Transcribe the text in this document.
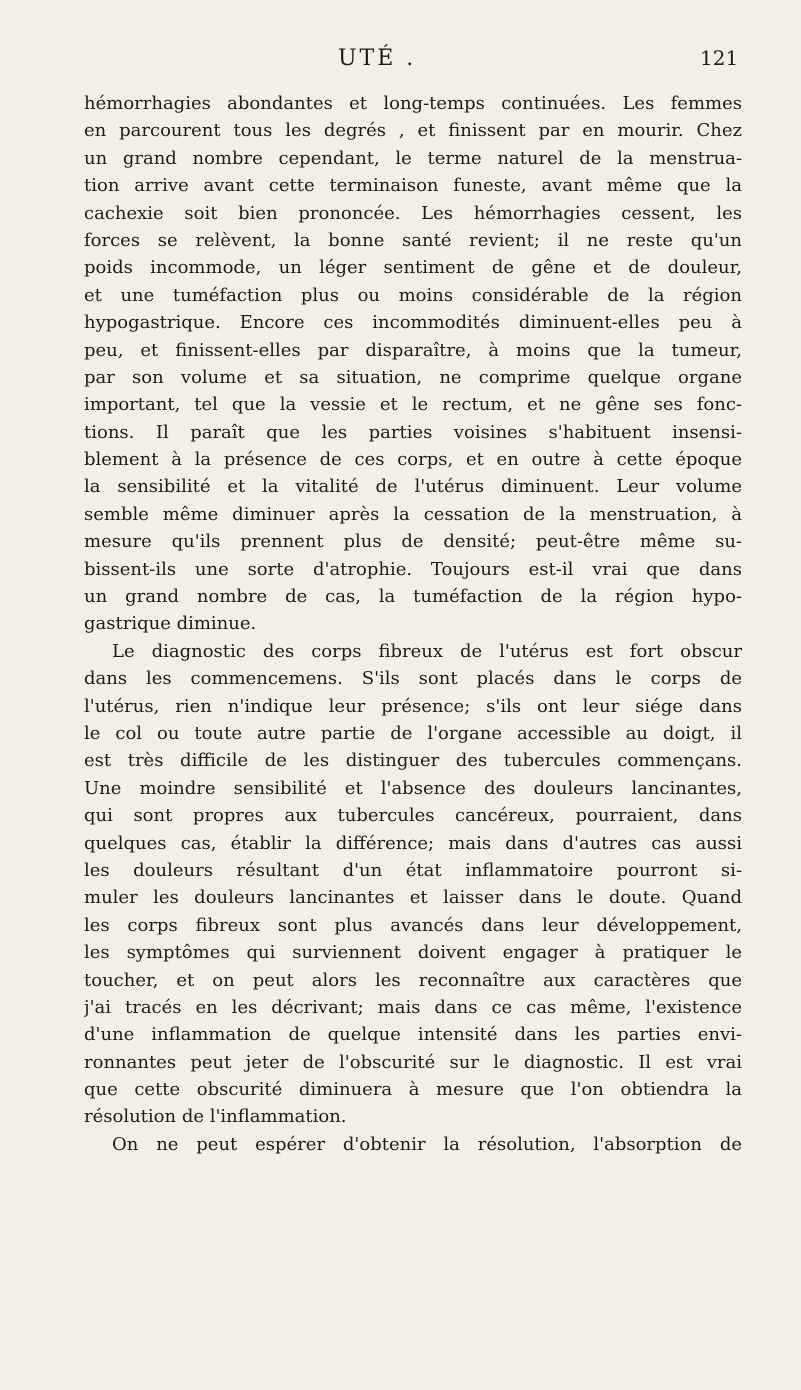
UTÉ .	121
hémorrhagies abondantes et long-temps continuées. Les femmes
en parcourent tous les degrés , et finissent par en mourir. Chez
un grand nombre cependant, le terme naturel de la menstrua-
tion arrive avant cette terminaison funeste, avant même que la
cachexie soit bien prononcée. Les hémorrhagies cessent, les
forces se relèvent, la bonne santé revient; il ne reste qu'un
poids incommode, un léger sentiment de gêne et de douleur,
et une tuméfaction plus ou moins considérable de la région
hypogastrique. Encore ces incommodités diminuent-elles peu à
peu, et finissent-elles par disparaître, à moins que la tumeur,
par son volume et sa situation, ne comprime quelque organe
important, tel que la vessie et le rectum, et ne gêne ses fonc-
tions. Il paraît que les parties voisines s'habituent insensi-
blement à la présence de ces corps, et en outre à cette époque
la sensibilité et la vitalité de l'utérus diminuent. Leur volume
semble même diminuer après la cessation de la menstruation, à
mesure qu'ils prennent plus de densité; peut-être même su-
bissent-ils une sorte d'atrophie. Toujours est-il vrai que dans
un grand nombre de cas, la tuméfaction de la région hypo-
gastrique diminue.
Le diagnostic des corps fibreux de l'utérus est fort obscur
dans les commencemens. S'ils sont placés dans le corps de
l'utérus, rien n'indique leur présence; s'ils ont leur siége dans
le col ou toute autre partie de l'organe accessible au doigt, il
est très difficile de les distinguer des tubercules commençans.
Une moindre sensibilité et l'absence des douleurs lancinantes,
qui sont propres aux tubercules cancéreux, pourraient, dans
quelques cas, établir la différence; mais dans d'autres cas aussi
les douleurs résultant d'un état inflammatoire pourront si-
muler les douleurs lancinantes et laisser dans le doute. Quand
les corps fibreux sont plus avancés dans leur développement,
les symptômes qui surviennent doivent engager à pratiquer le
toucher, et on peut alors les reconnaître aux caractères que
j'ai tracés en les décrivant; mais dans ce cas même, l'existence
d'une inflammation de quelque intensité dans les parties envi-
ronnantes peut jeter de l'obscurité sur le diagnostic. Il est vrai
que cette obscurité diminuera à mesure que l'on obtiendra la
résolution de l'inflammation.
On ne peut espérer d'obtenir la résolution, l'absorption de
